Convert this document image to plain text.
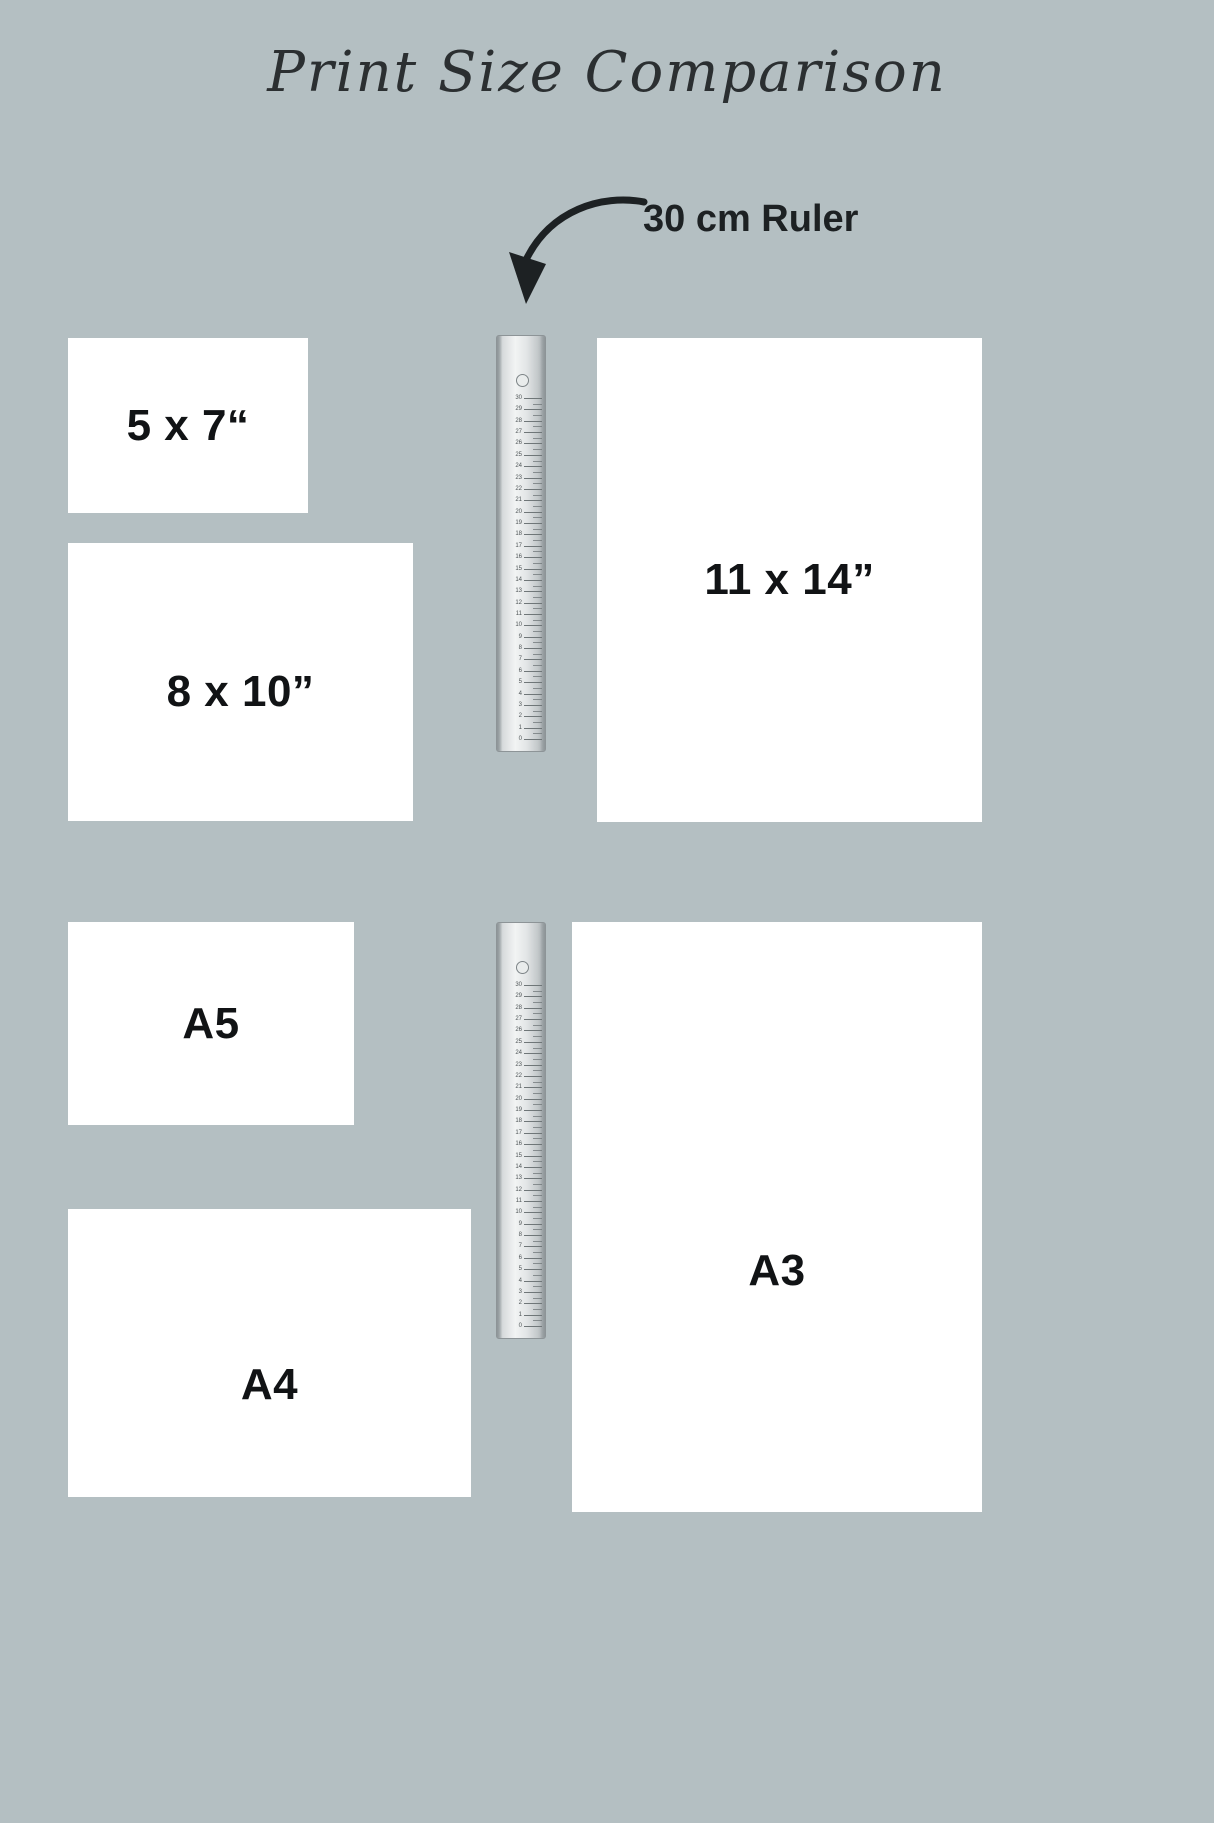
Print Size Comparison
30 cm Ruler
5 x 7“
8 x 10”
11 x 14”
A5
A4
A3
30
29
28
27
26
25
24
23
22
21
20
19
18
17
16
15
14
13
12
11
10
9
8
7
6
5
4
3
2
1
0
30
29
28
27
26
25
24
23
22
21
20
19
18
17
16
15
14
13
12
11
10
9
8
7
6
5
4
3
2
1
0
